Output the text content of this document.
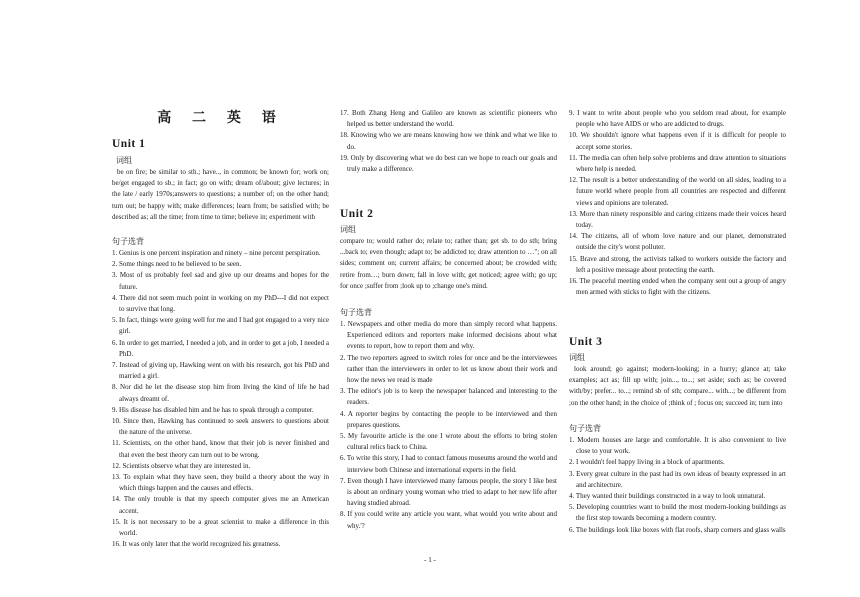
高 二 英 语
Unit 1
词组
be on fire; be similar to sth.; have.., in common; be known for; work on; be/get engaged to sb.; in fact; go on with; dream of/about; give lectures; in the late / early 1970s;answers to questions; a number of; on the other hand; turn out; be happy with; make differences; learn from; be satisfied with; be described as; all the time; from time to time; believe in; experiment with
句子选背
1. Genius is one percent inspiration and ninety – nine percent perspiration.
2. Some things need to be believed to be seen.
3. Most of us probably feel sad and give up our dreams and hopes for the future.
4. There did not seem much point in working on my PhD---I did not expect to survive that long.
5. In fact, things were going well for me and I had got engaged to a very nice girl.
6. In order to get married, I needed a job, and in order to get a job, I needed a PhD.
7. Instead of giving up, Hawking went on with his research, got his PhD and married a girl.
8. Nor did he let the disease stop him from living the kind of life he had always dreamt of.
9. His disease has disabled him and he has to speak through a computer.
10. Since then, Hawking has continued to seek answers to questions about the nature of the universe.
11. Scientists, on the other hand, know that their job is never finished and that even the best theory can turn out to be wrong.
12. Scientists observe what they are interested in.
13. To explain what they have seen, they build a theory about the way in which things happen and the causes and effects.
14. The only trouble is that my speech computer gives me an American accent.
15. It is not necessary to be a great scientist to make a difference in this world.
16. It was only later that the world recognized his greatness.
17. Both Zhang Heng and Galileo are known as scientific pioneers who helped us better understand the world.
18. Knowing who we are means knowing how we think and what we like to do.
19. Only by discovering what we do best can we hope to reach our goals and truly make a difference.
Unit 2
词组
compare to; would rather do; relate to; rather than; get sb. to do sth; bring ...back to; even though; adapt to; be addicted to; draw attention to …"; on all sides; comment on; current affairs; be concerned about; be crowded with; retire from…; burn down; fall in love with; get noticed; agree with; go up; for once ;suffer from ;look up to ;change one's mind.
句子选背
1. Newspapers and other media do more than simply record what happens. Experienced editors and reporters make informed decisions about what events to report, how to report them and why.
2. The two reporters agreed to switch roles for once and be the interviewees rather than the interviewers in order to let us know about their work and how the news we read is made
3. The editor's job is to keep the newspaper balanced and interesting to the readers.
4. A reporter begins by contacting the people to be interviewed and then prepares questions.
5. My favourite article is the one I wrote about the efforts to bring stolen cultural relics back to China.
6. To write this story, I had to contact famous museums around the world and interview both Chinese and international experts in the field.
7. Even though I have interviewed many famous people, the story I like best is about an ordinary young woman who tried to adapt to her new life after having studied abroad.
8. If you could write any article you want, what would you write about and why.'?
9. I want to write about people who you seldom read about, for example people who have AIDS or who are addicted to drugs.
10. We shouldn't ignore what happens even if it is difficult for people to accept some stories.
11. The media can often help solve problems and draw attention to situations where help is needed.
12. The result is a better understanding of the world on all sides, leading to a future world where people from all countries are respected and different views and opinions are tolerated.
13. More than ninety responsible and caring citizens made their voices heard today.
14. The citizens, all of whom love nature and our planet, demonstrated outside the city's worst polluter.
15. Brave and strong, the activists talked to workers outside the factory and left a positive message about protecting the earth.
16. The peaceful meeting ended when the company sent out a group of angry men armed with sticks to fight with the citizens.
Unit 3
词组
look around; go against; modern-looking; in a hurry; glance at; take examples; act as; fill up with; join..., to...; set aside; such as; be covered with/by; prefer... to...; remind sb of sth; compare... with...; be different from ;on the other hand; in the choice of ;think of ; focus on; succeed in; turn into
句子选背
1. Modern houses are large and comfortable. It is also convenient to live close to your work.
2. I wouldn't feel happy living in a block of apartments.
3. Every great culture in the past had its own ideas of beauty expressed in art and architecture.
4. They wanted their buildings constructed in a way to look unnatural.
5. Developing countries want to build the most modern-looking buildings as the first step towards becoming a modern country.
6. The buildings look like boxes with flat roofs, sharp corners and glass walls
- 1 -
